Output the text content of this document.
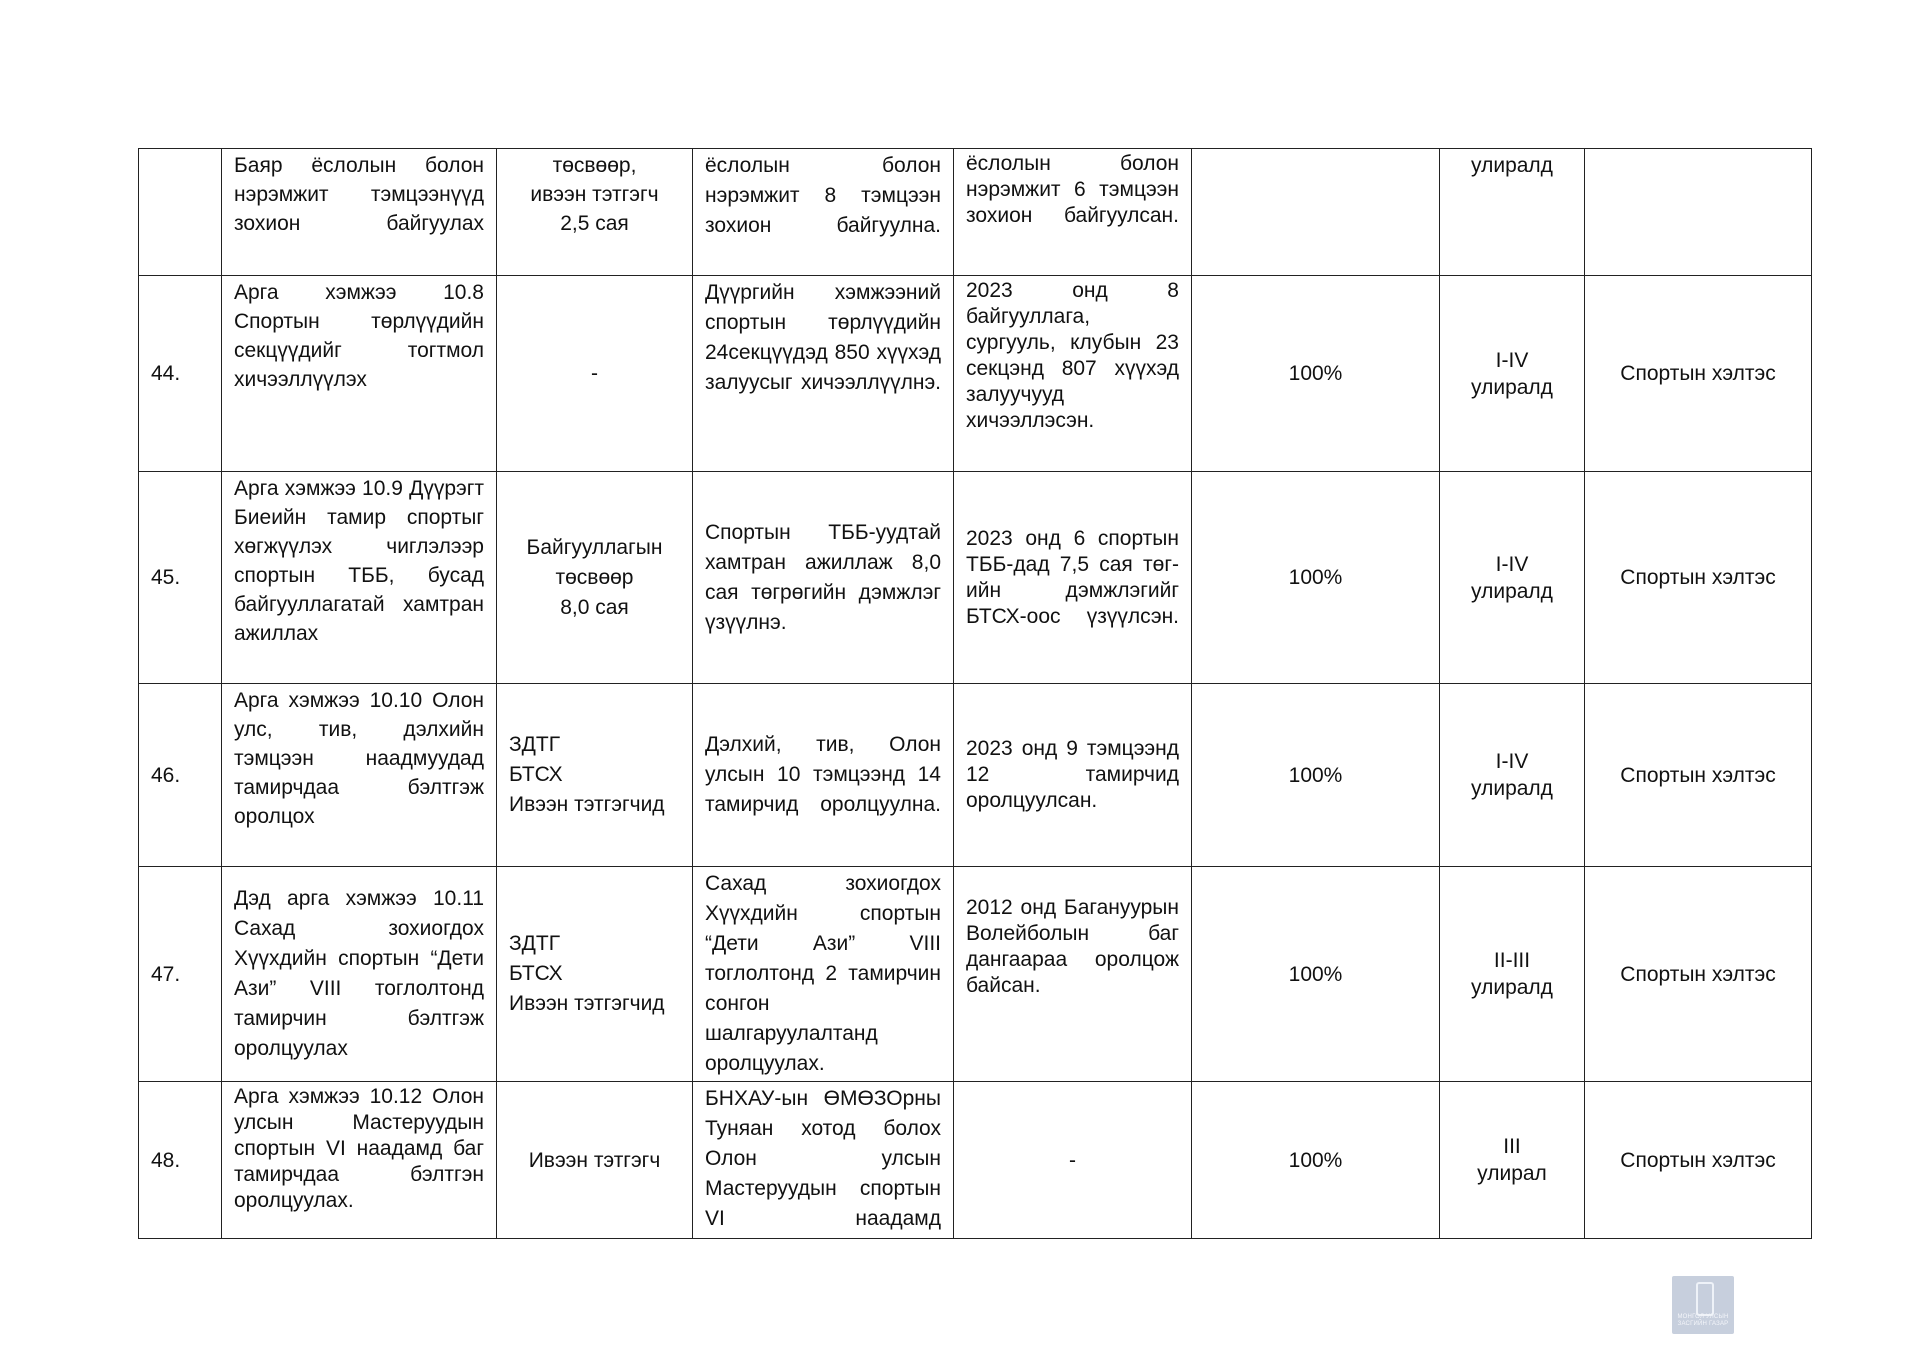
	Баяр ёслолын болон нэрэмжит тэмцээнүүд зохион байгуулах	төсвөөр,
ивээн тэтгэгч
2,5 сая	ёслолын болон нэрэмжит 8 тэмцээн зохион байгуулна.	ёслолын болон нэрэмжит 6 тэмцээн зохион байгуулсан.		улиралд	
44.	Арга хэмжээ 10.8 Спортын төрлүүдийн секцүүдийг тогтмол хичээллүүлэх	-	Дүүргийн хэмжээний спортын төрлүүдийн 24секцүүдэд 850 хүүхэд залуусыг хичээллүүлнэ.	2023 онд 8 байгууллага, сургууль, клубын 23 секцэнд 807 хүүхэд залуучууд хичээллэсэн.	100%	I-IV
улиралд	Спортын хэлтэс
45.	Арга хэмжээ 10.9 Дүүрэгт Биеийн тамир спортыг хөгжүүлэх чиглэлээр спортын ТББ, бусад байгууллагатай хамтран ажиллах	Байгууллагын
төсвөөр
8,0 сая	Спортын ТББ-уудтай хамтран ажиллаж 8,0 сая төгрөгийн дэмжлэг үзүүлнэ.	2023 онд 6 спортын ТББ-дад 7,5 сая төг-ийн дэмжлэгийг БТСХ-оос үзүүлсэн.	100%	I-IV
улиралд	Спортын хэлтэс
46.	Арга хэмжээ 10.10 Олон улс, тив, дэлхийн тэмцээн наадмуудад тамирчдаа бэлтгэж оролцох	ЗДТГ
БТСХ
Ивээн тэтгэгчид	Дэлхий, тив, Олон улсын 10 тэмцээнд 14 тамирчид оролцуулна.	2023 онд 9 тэмцээнд 12 тамирчид оролцуулсан.	100%	I-IV
улиралд	Спортын хэлтэс
47.	Дэд арга хэмжээ 10.11 Сахад зохиогдох Хүүхдийн спортын “Дети Ази” VIII тоглолтонд тамирчин бэлтгэж оролцуулах	ЗДТГ
БТСХ
Ивээн тэтгэгчид	Сахад зохиогдох Хүүхдийн спортын “Дети Ази” VIII тоглолтонд 2 тамирчин сонгон шалгаруулалтанд оролцуулах.	2012 онд Багануурын Волейболын баг дангаараа оролцож байсан.	100%	II-III
улиралд	Спортын хэлтэс
48.	Арга хэмжээ 10.12 Олон улсын Мастеруудын спортын VI наадамд баг тамирчдаа бэлтгэн оролцуулах.	Ивээн тэтгэгч	БНХАУ-ын ӨМӨЗОрны Туняан хотод болох Олон улсын Мастеруудын спортын VI наадамд	-	100%	III
улирал	Спортын хэлтэс
МОНГОЛ УЛСЫН
ЗАСГИЙН ГАЗАР
